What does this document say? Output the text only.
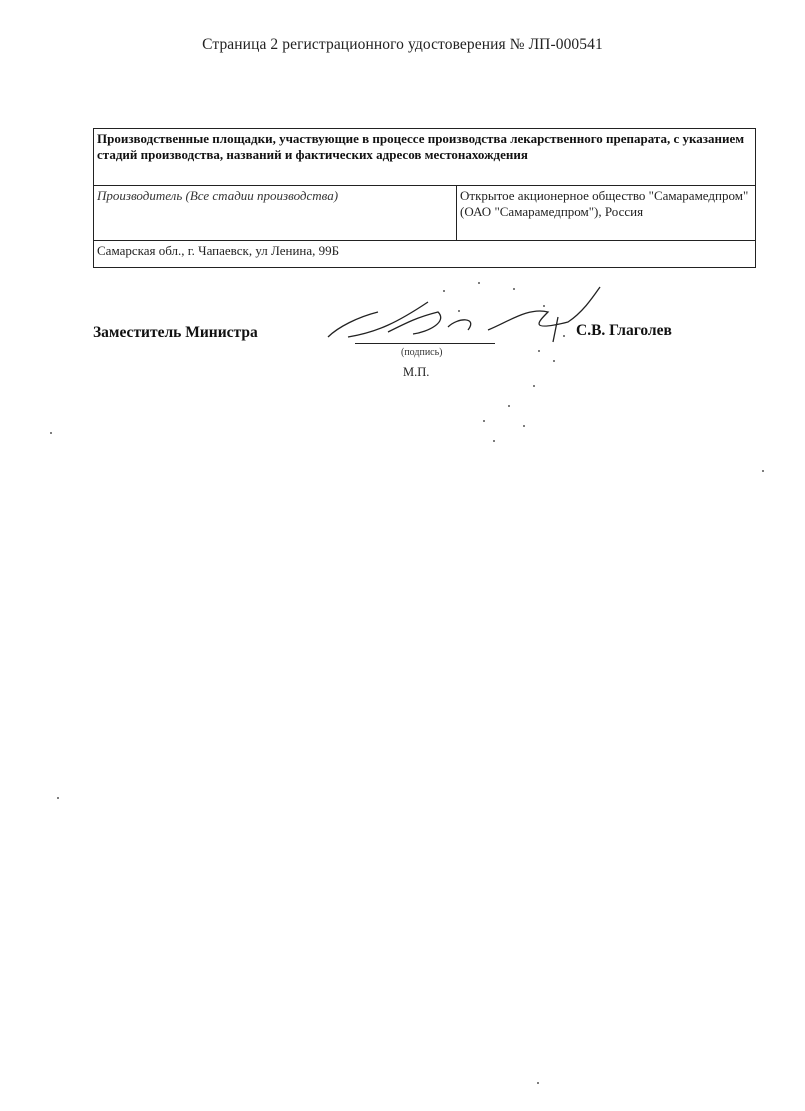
Страница 2 регистрационного удостоверения № ЛП-000541
Производственные площадки, участвующие в процессе производства лекарственного препарата, с указанием стадий производства, названий и фактических адресов местонахождения
Производитель (Все стадии производства)	Открытое акционерное общество "Самарамедпром" (ОАО "Самарамедпром"), Россия
Самарская обл., г. Чапаевск, ул Ленина, 99Б
Заместитель Министра
(подпись)
М.П.
С.В. Глаголев
